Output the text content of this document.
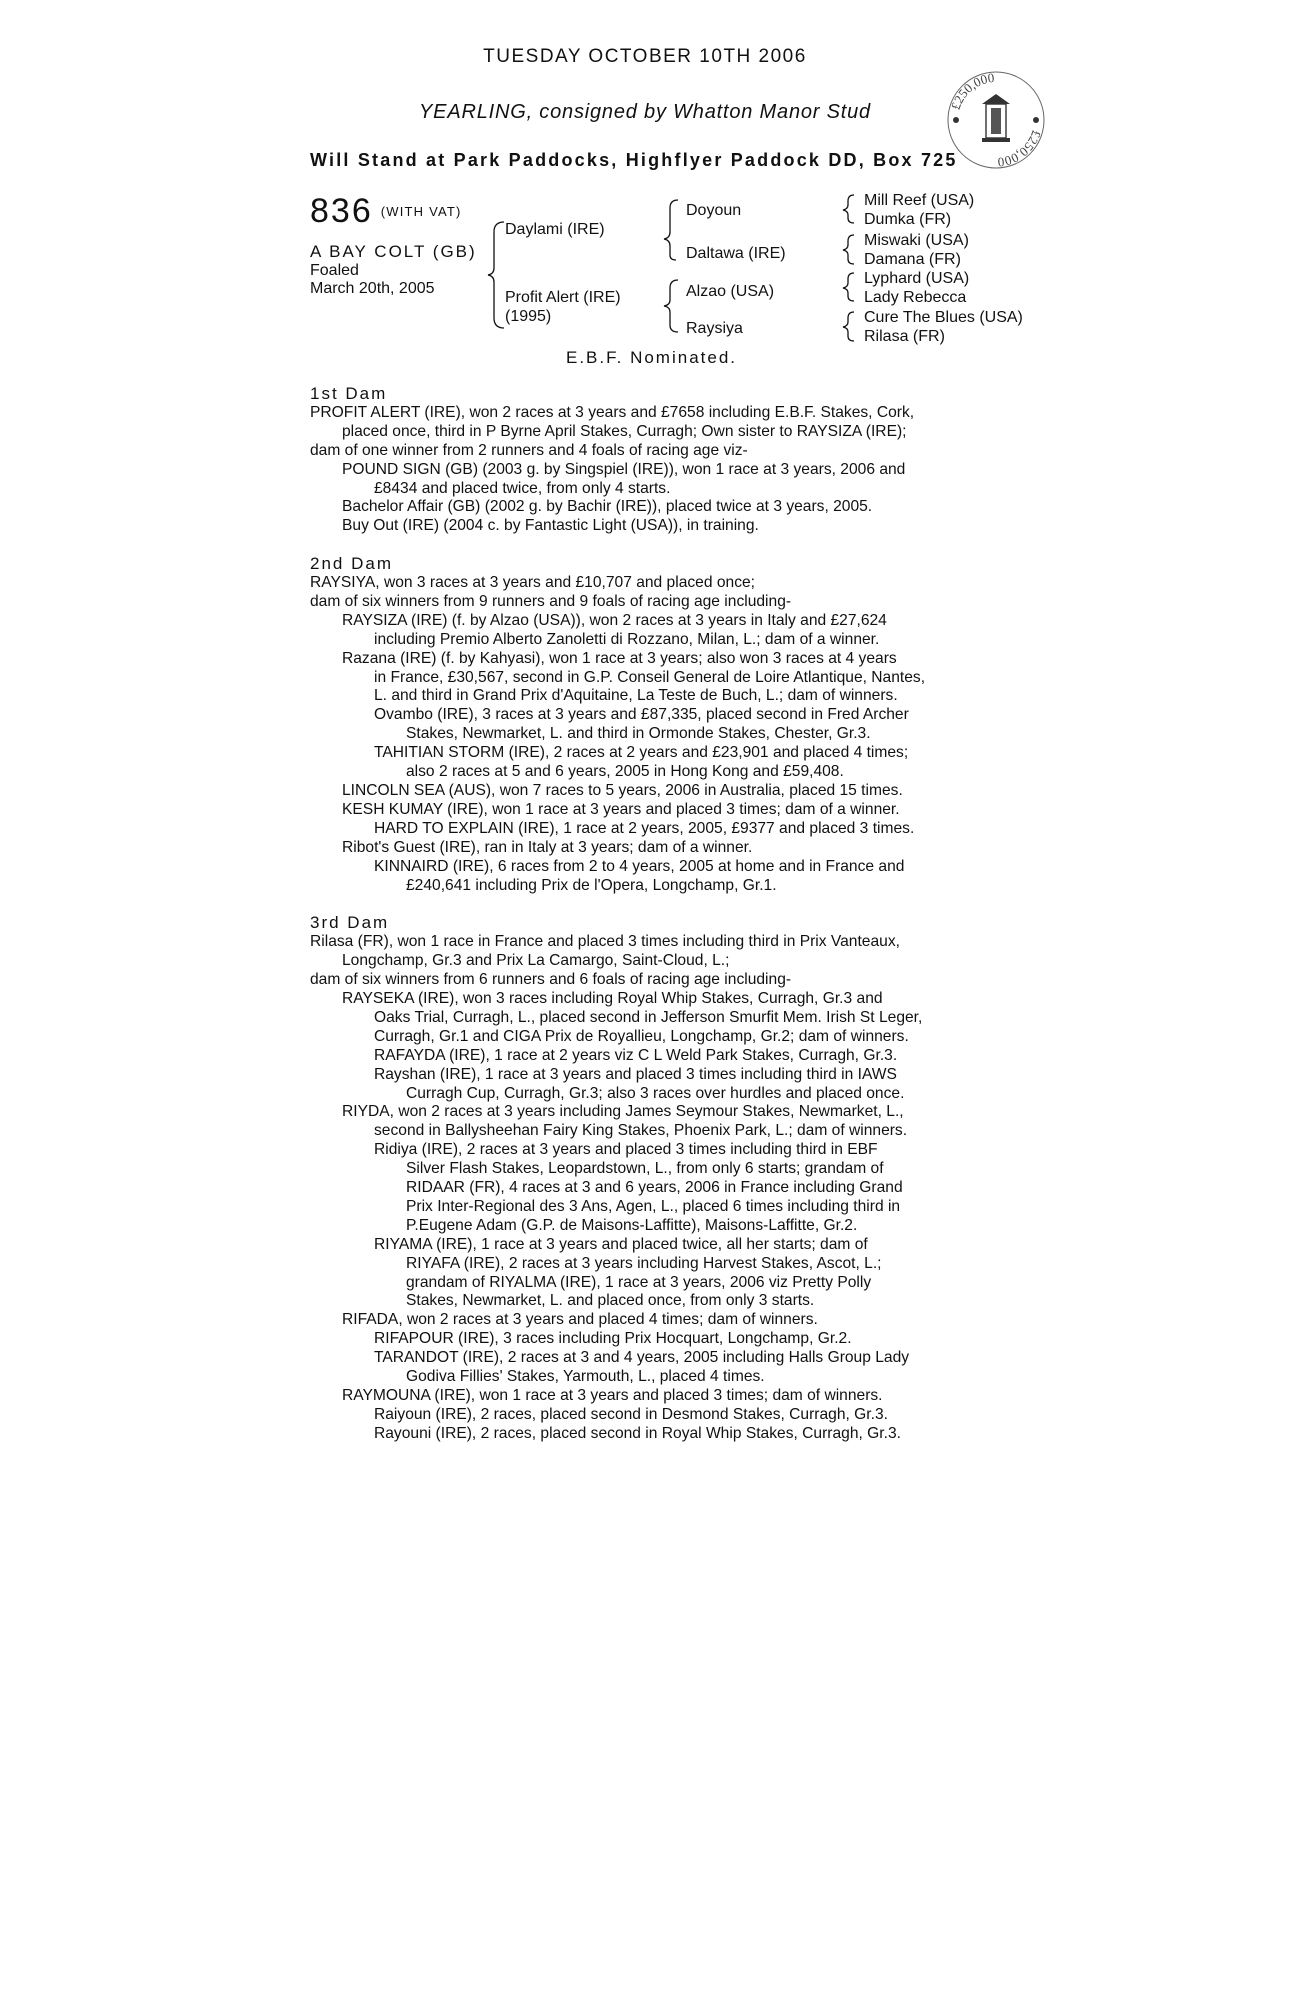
TUESDAY OCTOBER 10TH 2006
YEARLING, consigned by Whatton Manor Stud
Will Stand at Park Paddocks, Highflyer Paddock DD, Box 725
£250,000
£250,000
836 $^{(WITH VAT)}$
A BAY COLT (GB)
Foaled
March 20th, 2005
Daylami (IRE)
Profit Alert (IRE)
(1995)
Doyoun
Daltawa (IRE)
Alzao (USA)
Raysiya
Mill Reef (USA)
Dumka (FR)
Miswaki (USA)
Damana (FR)
Lyphard (USA)
Lady Rebecca
Cure The Blues (USA)
Rilasa (FR)
E.B.F. Nominated.
1st Dam
PROFIT ALERT (IRE), won 2 races at 3 years and £7658 including E.B.F. Stakes, Cork,
placed once, third in P Byrne April Stakes, Curragh; Own sister to RAYSIZA (IRE);
dam of one winner from 2 runners and 4 foals of racing age viz-
POUND SIGN (GB) (2003 g. by Singspiel (IRE)), won 1 race at 3 years, 2006 and
£8434 and placed twice, from only 4 starts.
Bachelor Affair (GB) (2002 g. by Bachir (IRE)), placed twice at 3 years, 2005.
Buy Out (IRE) (2004 c. by Fantastic Light (USA)), in training.
2nd Dam
RAYSIYA, won 3 races at 3 years and £10,707 and placed once;
dam of six winners from 9 runners and 9 foals of racing age including-
RAYSIZA (IRE) (f. by Alzao (USA)), won 2 races at 3 years in Italy and £27,624
including Premio Alberto Zanoletti di Rozzano, Milan, L.; dam of a winner.
Razana (IRE) (f. by Kahyasi), won 1 race at 3 years; also won 3 races at 4 years
in France, £30,567, second in G.P. Conseil General de Loire Atlantique, Nantes,
L. and third in Grand Prix d'Aquitaine, La Teste de Buch, L.; dam of winners.
Ovambo (IRE), 3 races at 3 years and £87,335, placed second in Fred Archer
Stakes, Newmarket, L. and third in Ormonde Stakes, Chester, Gr.3.
TAHITIAN STORM (IRE), 2 races at 2 years and £23,901 and placed 4 times;
also 2 races at 5 and 6 years, 2005 in Hong Kong and £59,408.
LINCOLN SEA (AUS), won 7 races to 5 years, 2006 in Australia, placed 15 times.
KESH KUMAY (IRE), won 1 race at 3 years and placed 3 times; dam of a winner.
HARD TO EXPLAIN (IRE), 1 race at 2 years, 2005, £9377 and placed 3 times.
Ribot's Guest (IRE), ran in Italy at 3 years; dam of a winner.
KINNAIRD (IRE), 6 races from 2 to 4 years, 2005 at home and in France and
£240,641 including Prix de l'Opera, Longchamp, Gr.1.
3rd Dam
Rilasa (FR), won 1 race in France and placed 3 times including third in Prix Vanteaux,
Longchamp, Gr.3 and Prix La Camargo, Saint-Cloud, L.;
dam of six winners from 6 runners and 6 foals of racing age including-
RAYSEKA (IRE), won 3 races including Royal Whip Stakes, Curragh, Gr.3 and
Oaks Trial, Curragh, L., placed second in Jefferson Smurfit Mem. Irish St Leger,
Curragh, Gr.1 and CIGA Prix de Royallieu, Longchamp, Gr.2; dam of winners.
RAFAYDA (IRE), 1 race at 2 years viz C L Weld Park Stakes, Curragh, Gr.3.
Rayshan (IRE), 1 race at 3 years and placed 3 times including third in IAWS
Curragh Cup, Curragh, Gr.3; also 3 races over hurdles and placed once.
RIYDA, won 2 races at 3 years including James Seymour Stakes, Newmarket, L.,
second in Ballysheehan Fairy King Stakes, Phoenix Park, L.; dam of winners.
Ridiya (IRE), 2 races at 3 years and placed 3 times including third in EBF
Silver Flash Stakes, Leopardstown, L., from only 6 starts; grandam of
RIDAAR (FR), 4 races at 3 and 6 years, 2006 in France including Grand
Prix Inter-Regional des 3 Ans, Agen, L., placed 6 times including third in
P.Eugene Adam (G.P. de Maisons-Laffitte), Maisons-Laffitte, Gr.2.
RIYAMA (IRE), 1 race at 3 years and placed twice, all her starts; dam of
RIYAFA (IRE), 2 races at 3 years including Harvest Stakes, Ascot, L.;
grandam of RIYALMA (IRE), 1 race at 3 years, 2006 viz Pretty Polly
Stakes, Newmarket, L. and placed once, from only 3 starts.
RIFADA, won 2 races at 3 years and placed 4 times; dam of winners.
RIFAPOUR (IRE), 3 races including Prix Hocquart, Longchamp, Gr.2.
TARANDOT (IRE), 2 races at 3 and 4 years, 2005 including Halls Group Lady
Godiva Fillies' Stakes, Yarmouth, L., placed 4 times.
RAYMOUNA (IRE), won 1 race at 3 years and placed 3 times; dam of winners.
Raiyoun (IRE), 2 races, placed second in Desmond Stakes, Curragh, Gr.3.
Rayouni (IRE), 2 races, placed second in Royal Whip Stakes, Curragh, Gr.3.
